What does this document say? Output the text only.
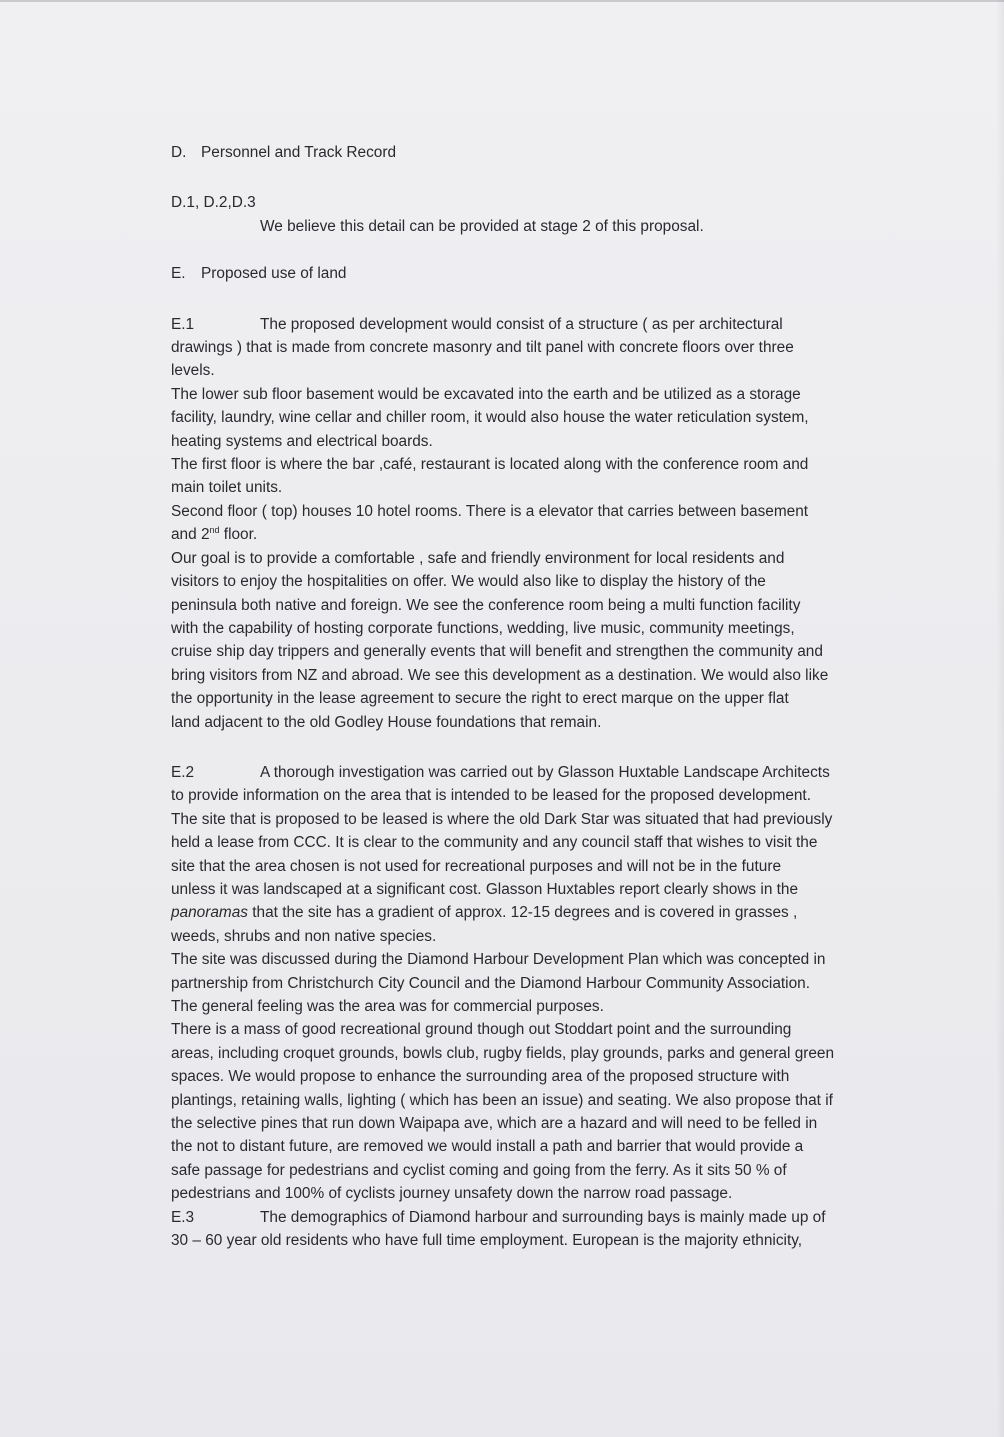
D. Personnel and Track Record

D.1, D.2,D.3

We believe this detail can be provided at stage 2 of this proposal.

E. Proposed use of land

E.1	The proposed development would consist of a structure ( as per architectural

drawings ) that is made from concrete masonry and tilt panel with concrete floors over three

levels.

The lower sub floor basement would be excavated into the earth and be utilized as a storage

facility, laundry, wine cellar and chiller room, it would also house the water reticulation system,

heating systems and electrical boards.

The first floor is where the bar ,café, restaurant is located along with the conference room and

main toilet units.

Second floor ( top) houses 10 hotel rooms. There is a elevator that carries between basement

and 2nd floor.

Our goal is to provide a comfortable , safe and friendly environment for local residents and

visitors to enjoy the hospitalities on offer. We would also like to display the history of the

peninsula both native and foreign. We see the conference room being a multi function facility

with the capability of hosting corporate functions, wedding, live music, community meetings,

cruise ship day trippers and generally events that will benefit and strengthen the community and

bring visitors from NZ and abroad. We see this development as a destination. We would also like

the opportunity in the lease agreement to secure the right to erect marque on the upper flat

land adjacent to the old Godley House foundations that remain.

E.2	A thorough investigation was carried out by Glasson Huxtable Landscape Architects

to provide information on the area that is intended to be leased for the proposed development.

The site that is proposed to be leased is where the old Dark Star was situated that had previously

held a lease from CCC. It is clear to the community and any council staff that wishes to visit the

site that the area chosen is not used for recreational purposes and will not be in the future

unless it was landscaped at a significant cost. Glasson Huxtables report clearly shows in the

panoramas that the site has a gradient of approx. 12-15 degrees and is covered in grasses ,

weeds, shrubs and non native species.

The site was discussed during the Diamond Harbour Development Plan which was concepted in

partnership from Christchurch City Council and the Diamond Harbour Community Association.

The general feeling was the area was for commercial purposes.

There is a mass of good recreational ground though out Stoddart point and the surrounding

areas, including croquet grounds, bowls club, rugby fields, play grounds, parks and general green

spaces. We would propose to enhance the surrounding area of the proposed structure with

plantings, retaining walls, lighting ( which has been an issue) and seating. We also propose that if

the selective pines that run down Waipapa ave, which are a hazard and will need to be felled in

the not to distant future, are removed we would install a path and barrier that would provide a

safe passage for pedestrians and cyclist coming and going from the ferry. As it sits 50 % of

pedestrians and 100% of cyclists journey unsafety down the narrow road passage.

E.3	The demographics of Diamond harbour and surrounding bays is mainly made up of

30 – 60 year old residents who have full time employment. European is the majority ethnicity,
